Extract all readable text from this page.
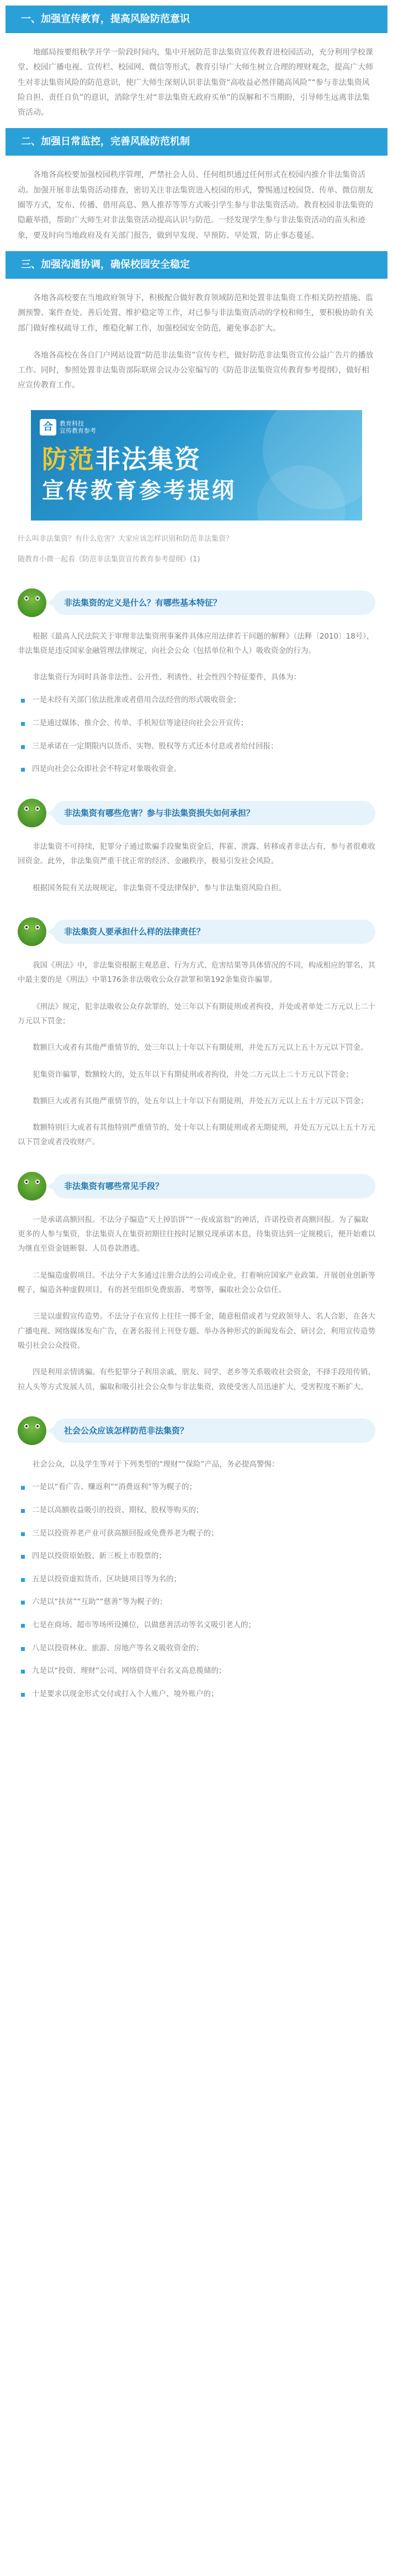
一、加强宣传教育，提高风险防范意识

地邮局按要组秋学开学一阶段时间内，集中开展防范非法集资宣传教育进校园活动，充分利用学校课堂、校园广播电视、宣传栏、校园网、微信等形式，教育引导广大师生树立合理的理财观念，提高广大师生对非法集资风险的防范意识，使广大师生深刻认识非法集资“高收益必然伴随高风险”“参与非法集资风险自担、责任自负”的意识，消除学生对“非法集资无政府买单”的误解和不当期盼，引导师生远离非法集资活动。

二、加强日常监控，完善风险防范机制

各地各高校要加强校园秩序管理，严禁社会人员、任何组织通过任何形式在校园内推介非法集资活动。加强开展非法集资活动排查，密切关注非法集资进入校园的形式，警惕通过校园贷、传单、微信朋友圈等方式，发布、传播、借用高息、熟人推荐等等方式吸引学生参与非法集资活动。教育校园非法集资的隐蔽举措，帮助广大师生对非法集资活动提高认识与防范。一经发现学生参与非法集资活动的苗头和迹象，要及时向当地政府及有关部门报告，做到早发现、早预防、早处置，防止事态蔓延。

三、加强沟通协调，确保校园安全稳定

各地各高校要在当地政府领导下，积极配合做好教育领域防范和处置非法集资工作相关防控措施、监测预警、案件查处、善后处置、维护稳定等工作，对已参与非法集资活动的学校和师生，要积极协助有关部门做好维权疏导工作，维稳化解工作，加强校园安全防范，避免事态扩大。

各地各高校在各自门户网站设置“防范非法集资”宣传专栏，做好防范非法集资宣传公益广告片的播放工作。同时，参照处置非法集资部际联席会议办公室编写的《防范非法集资宣传教育参考提纲》，做好相应宣传教育工作。

合	教育科技
宣传教育参考
防范非法集资
宣传教育参考提纲

什么叫非法集资？有什么危害？大家应该怎样识别和防范非法集资？

随教育小微一起看《防范非法集资宣传教育参考提纲》(1)

非法集资的定义是什么？有哪些基本特征？

根据《最高人民法院关于审理非法集资刑事案件具体应用法律若干问题的解释》（法释〔2010〕18号），非法集资是违反国家金融管理法律规定，向社会公众（包括单位和个人）吸收资金的行为。

非法集资行为同时具备非法性、公开性、利诱性、社会性四个特征要件，具体为：

一是未经有关部门依法批准或者借用合法经营的形式吸收资金；
二是通过媒体、推介会、传单、手机短信等途径向社会公开宣传；
三是承诺在一定期限内以货币、实物、股权等方式还本付息或者给付回报；
四是向社会公众即社会不特定对象吸收资金。
非法集资有哪些危害？参与非法集资损失如何承担？

非法集资不可持续，犯罪分子通过欺骗手段聚集资金后，挥霍、泄露、转移或者非法占有，参与者很难收回资金。此外，非法集资严重干扰正常的经济、金融秩序，极易引发社会风险。

根据国务院有关法规规定，非法集资不受法律保护，参与非法集资风险自担。

非法集资人要承担什么样的法律责任？

我国《刑法》中，非法集资根据主观恶意、行为方式、危害结果等具体情况的不同，构成相应的罪名，其中最主要的是《刑法》中第176条非法吸收公众存款罪和第192条集资诈骗罪。

《刑法》规定，犯非法吸收公众存款罪的，处三年以下有期徒刑或者拘役，并处或者单处二万元以上二十万元以下罚金；

数额巨大或者有其他严重情节的，处三年以上十年以下有期徒刑，并处五万元以上五十万元以下罚金。

犯集资诈骗罪，数额较大的，处五年以下有期徒刑或者拘役，并处二万元以上二十万元以下罚金；

数额巨大或者有其他严重情节的，处五年以上十年以下有期徒刑，并处五万元以上五十万元以下罚金；

数额特别巨大或者有其他特别严重情节的，处十年以上有期徒刑或者无期徒刑，并处五万元以上五十万元以下罚金或者没收财产。

非法集资有哪些常见手段？

一是承诺高额回报。不法分子编造“天上掉馅饼”“一夜成富翁”的神话，许诺投资者高额回报。为了骗取更多的人参与集资，非法集资人在集资初期往往按时足额兑现承诺本息，待集资达到一定规模后，便开始难以为继直至资金链断裂、人员卷款潜逃。

二是编造虚假项目。不法分子大多通过注册合法的公司或企业，打着响应国家产业政策、开展创业创新等幌子，编造各种虚假项目，有的甚至组织免费旅游、考察等，骗取社会公众信任。

三是以虚假宣传造势。不法分子在宣传上往往一掷千金，随意租借或者与党政领导人、名人合影，在各大广播电视、网络媒体发布广告，在著名报刊上刊登专题、举办各种形式的新闻发布会、研讨会，利用宣传造势吸引社会公众投资。

四是利用亲情诱骗。有些犯罪分子利用亲戚、朋友、同学、老乡等关系吸收社会资金，不择手段用传销、拉人头等方式发展人员，骗取和吸引社会公众参与非法集资，致使受害人员迅速扩大，受害程度不断扩大。

社会公众应该怎样防范非法集资？

社会公众，以及学生等对于下列类型的“理财”“保险”产品，务必提高警惕：

一是以“看广告、赚返利”“消费返利”等为幌子的；
二是以高额收益吸引的投资、期权、股权等购买的；
三是以投资养老产业可获高额回报或免费养老为幌子的；
四是以投资原始股、新三板上市股票的；
五是以投资虚拟货币、区块链项目等为名的；
六是以“扶贫”“互助”“慈善”等为幌子的；
七是在商场、超市等场所设摊位，以做慈善活动等名义吸引老人的；
八是以投资林业、旅游、房地产等名义吸收资金的；
九是以“投资、理财”公司、网络借贷平台名义高息揽储的；
十是要求以现金形式交付或打入个人账户、境外账户的；
